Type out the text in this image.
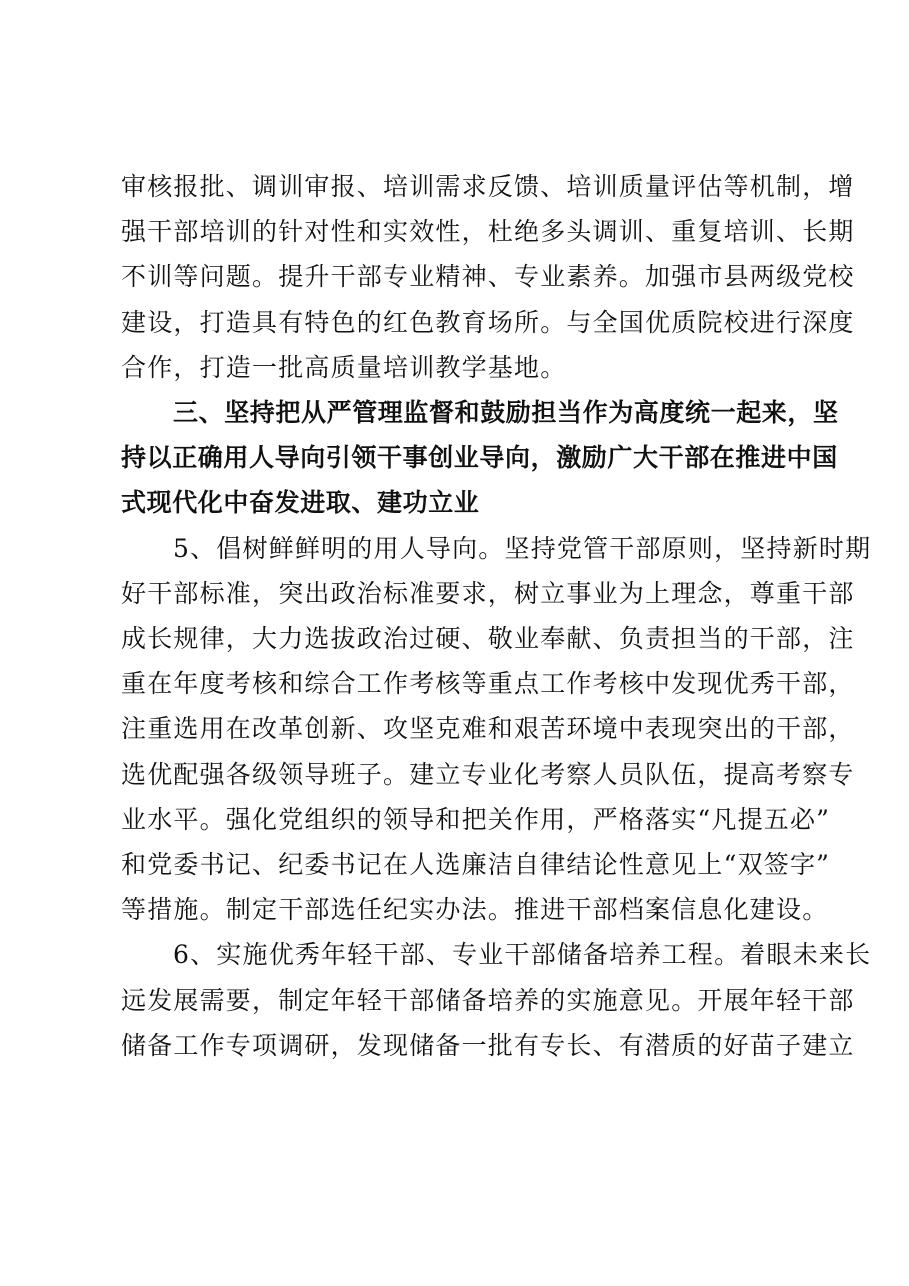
审核报批、调训审报、培训需求反馈、培训质量评估等机制，增
强干部培训的针对性和实效性，杜绝多头调训、重复培训、长期
不训等问题。提升干部专业精神、专业素养。加强市县两级党校
建设，打造具有特色的红色教育场所。与全国优质院校进行深度
合作，打造一批高质量培训教学基地。
三、坚持把从严管理监督和鼓励担当作为高度统一起来，坚
持以正确用人导向引领干事创业导向，激励广大干部在推进中国
式现代化中奋发进取、建功立业
5、倡树鲜鲜明的用人导向。坚持党管干部原则，坚持新时期
好干部标准，突出政治标准要求，树立事业为上理念，尊重干部
成长规律，大力选拔政治过硬、敬业奉献、负责担当的干部，注
重在年度考核和综合工作考核等重点工作考核中发现优秀干部，
注重选用在改革创新、攻坚克难和艰苦环境中表现突出的干部，
选优配强各级领导班子。建立专业化考察人员队伍，提高考察专
业水平。强化党组织的领导和把关作用，严格落实“凡提五必”
和党委书记、纪委书记在人选廉洁自律结论性意见上“双签字”
等措施。制定干部选任纪实办法。推进干部档案信息化建设。
6、实施优秀年轻干部、专业干部储备培养工程。着眼未来长
远发展需要，制定年轻干部储备培养的实施意见。开展年轻干部
储备工作专项调研，发现储备一批有专长、有潜质的好苗子建立
